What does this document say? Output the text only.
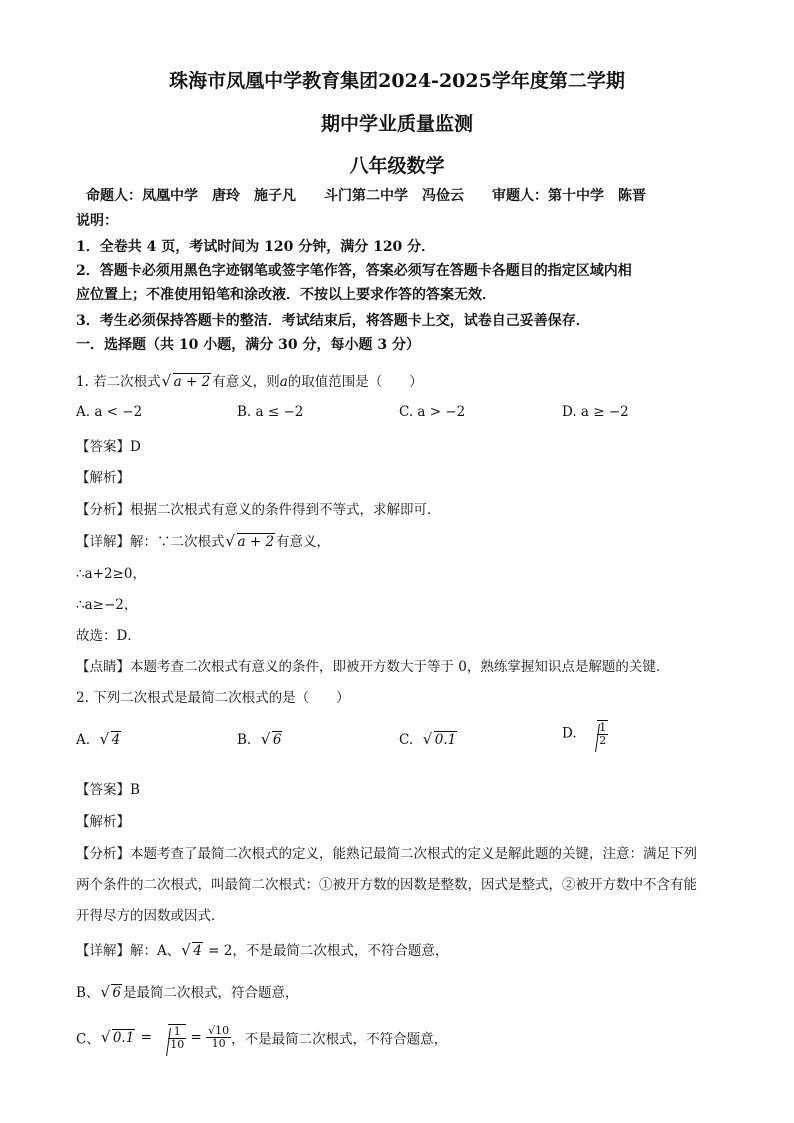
珠海市凤凰中学教育集团2024-2025学年度第二学期
期中学业质量监测
八年级数学
命题人：凤凰中学　唐玲　施子凡　　斗门第二中学　冯俭云　　审题人：第十中学　陈晋
说明：
1．全卷共 4 页，考试时间为 120 分钟，满分 120 分．
2．答题卡必须用黑色字迹钢笔或签字笔作答，答案必须写在答题卡各题目的指定区域内相
应位置上；不准使用铅笔和涂改液．不按以上要求作答的答案无效．
3．考生必须保持答题卡的整洁．考试结束后，将答题卡上交，试卷自己妥善保存．
一．选择题（共 10 小题，满分 30 分，每小题 3 分）
1. 若二次根式 √ a + 2 有意义，则a的取值范围是（　　）
A. a < −2	B. a ≤ −2	C. a > −2	D. a ≥ −2
【答案】D
【解析】
【分析】根据二次根式有意义的条件得到不等式，求解即可．
【详解】解：∵二次根式 √ a + 2 有意义，
∴a+2≥0，
∴a≥−2，
故选：D．
【点睛】本题考查二次根式有意义的条件，即被开方数大于等于 0，熟练掌握知识点是解题的关键．
2. 下列二次根式是最简二次根式的是（　　）
A. √ 4	B. √ 6	C. √ 0.1	D. $\frac{1}{2}$
【答案】B
【解析】
【分析】本题考查了最简二次根式的定义，能熟记最简二次根式的定义是解此题的关键，注意：满足下列
两个条件的二次根式，叫最简二次根式：①被开方数的因数是整数，因式是整式，②被开方数中不含有能
开得尽方的因数或因式．
【详解】解：A、 √ 4 = 2，不是最简二次根式，不符合题意，
B、 √ 6 是最简二次根式，符合题意，
C、 √ $0.1 = \frac{1}{10} = \frac{√10}{10}$ ，不是最简二次根式，不符合题意，
